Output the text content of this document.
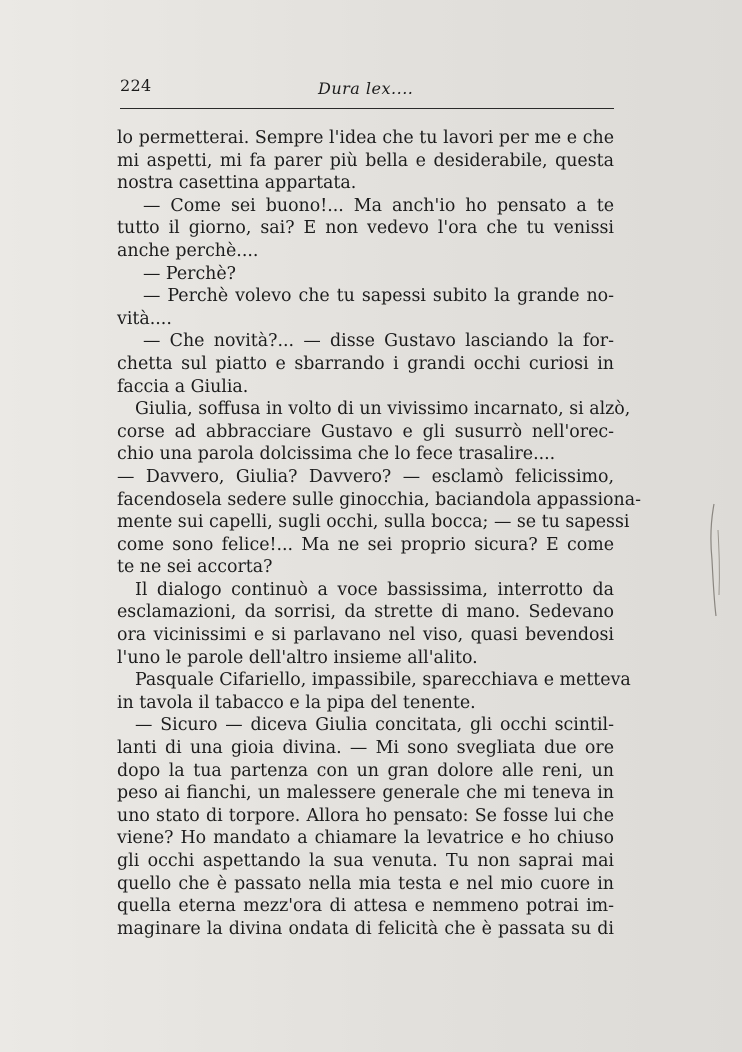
224	Dura lex....
lo permetterai. Sempre l'idea che tu lavori per me e che
mi aspetti, mi fa parer più bella e desiderabile, questa
nostra casettina appartata.
— Come sei buono!... Ma anch'io ho pensato a te
tutto il giorno, sai? E non vedevo l'ora che tu venissi
anche perchè....
— Perchè?
— Perchè volevo che tu sapessi subito la grande no-
vità....
— Che novità?... — disse Gustavo lasciando la for-
chetta sul piatto e sbarrando i grandi occhi curiosi in
faccia a Giulia.
Giulia, soffusa in volto di un vivissimo incarnato, si alzò,
corse ad abbracciare Gustavo e gli susurrò nell'orec-
chio una parola dolcissima che lo fece trasalire....
— Davvero, Giulia? Davvero? — esclamò felicissimo,
facendosela sedere sulle ginocchia, baciandola appassiona-
mente sui capelli, sugli occhi, sulla bocca; — se tu sapessi
come sono felice!... Ma ne sei proprio sicura? E come
te ne sei accorta?
Il dialogo continuò a voce bassissima, interrotto da
esclamazioni, da sorrisi, da strette di mano. Sedevano
ora vicinissimi e si parlavano nel viso, quasi bevendosi
l'uno le parole dell'altro insieme all'alito.
Pasquale Cifariello, impassibile, sparecchiava e metteva
in tavola il tabacco e la pipa del tenente.
— Sicuro — diceva Giulia concitata, gli occhi scintil-
lanti di una gioia divina. — Mi sono svegliata due ore
dopo la tua partenza con un gran dolore alle reni, un
peso ai fianchi, un malessere generale che mi teneva in
uno stato di torpore. Allora ho pensato: Se fosse lui che
viene? Ho mandato a chiamare la levatrice e ho chiuso
gli occhi aspettando la sua venuta. Tu non saprai mai
quello che è passato nella mia testa e nel mio cuore in
quella eterna mezz'ora di attesa e nemmeno potrai im-
maginare la divina ondata di felicità che è passata su di
